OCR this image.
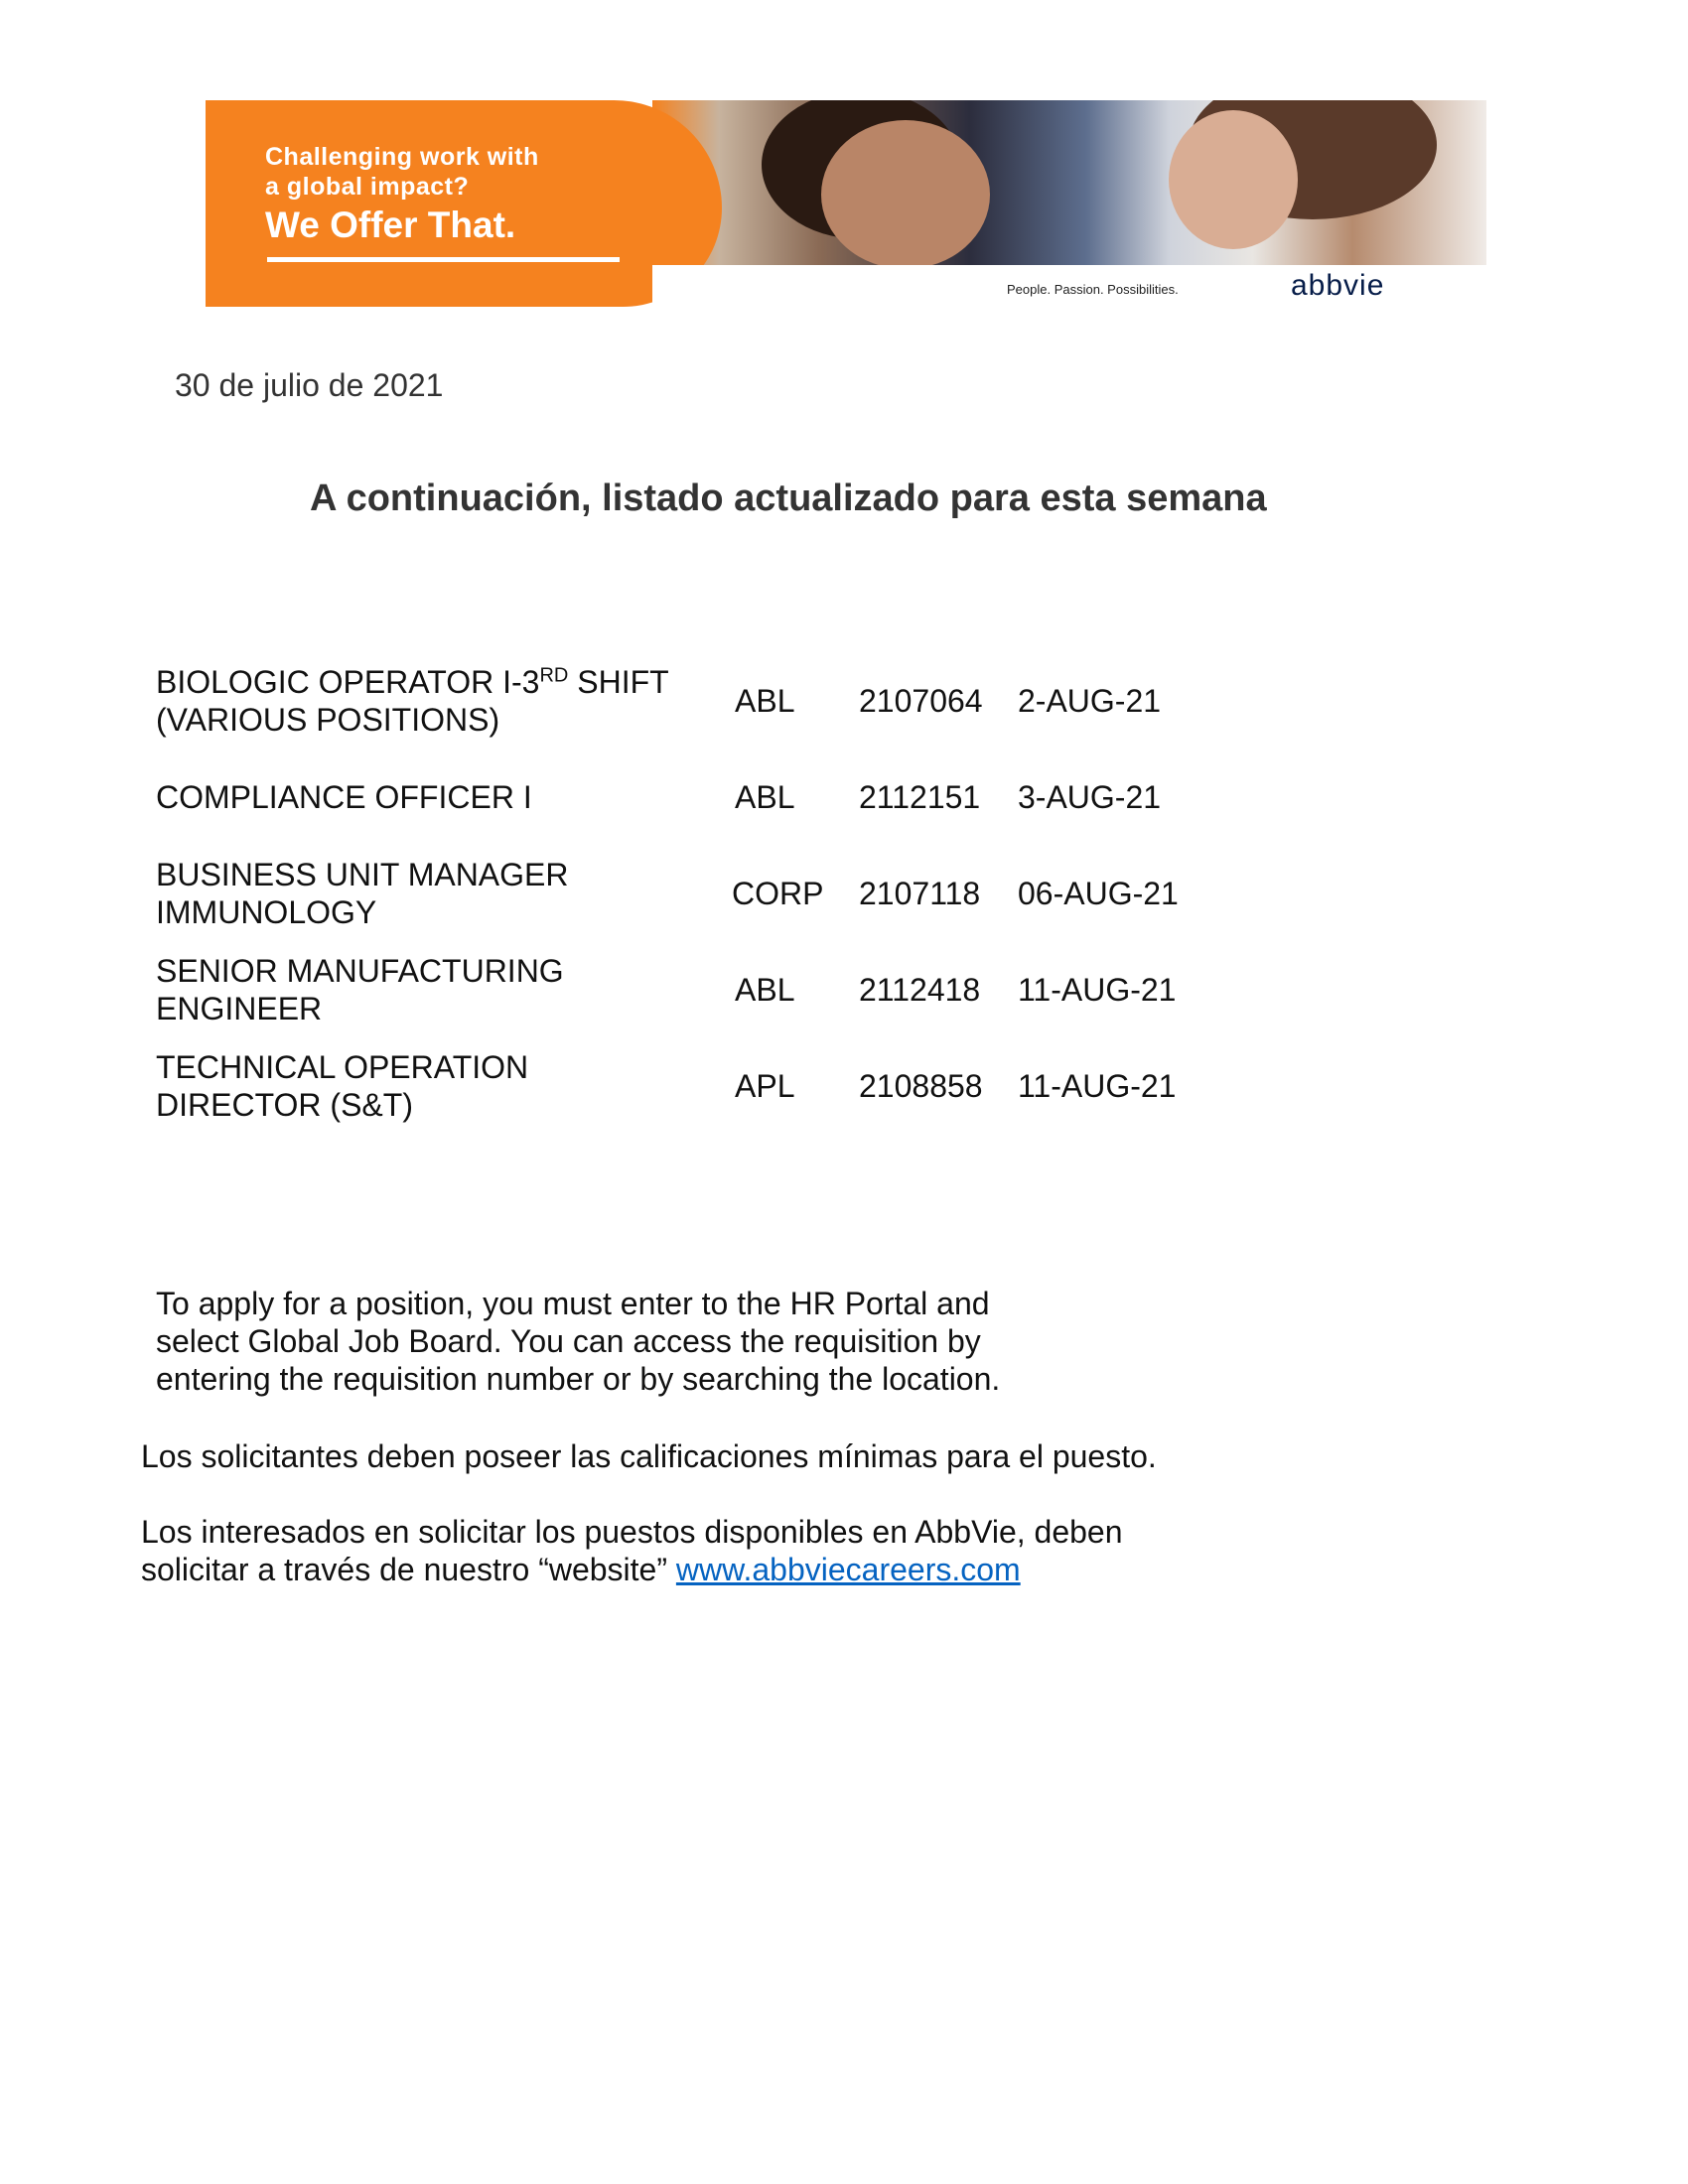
Challenging work with
a global impact?
We Offer That.
People. Passion. Possibilities.	abbvie
30 de julio de 2021
A continuación, listado actualizado para esta semana
BIOLOGIC OPERATOR I-3RD SHIFT
(VARIOUS POSITIONS)
ABL 2107064 2-AUG-21
COMPLIANCE OFFICER I	ABL 2112151 3-AUG-21
BUSINESS UNIT MANAGER
IMMUNOLOGY
CORP 2107118 06-AUG-21
SENIOR MANUFACTURING
ENGINEER
ABL 2112418 11-AUG-21
TECHNICAL OPERATION
DIRECTOR (S&T)
APL 2108858 11-AUG-21
To apply for a position, you must enter to the HR Portal and
select Global Job Board. You can access the requisition by
entering the requisition number or by searching the location.
Los solicitantes deben poseer las calificaciones mínimas para el puesto.
Los interesados en solicitar los puestos disponibles en AbbVie, deben
solicitar a través de nuestro “website” www.abbviecareers.com
